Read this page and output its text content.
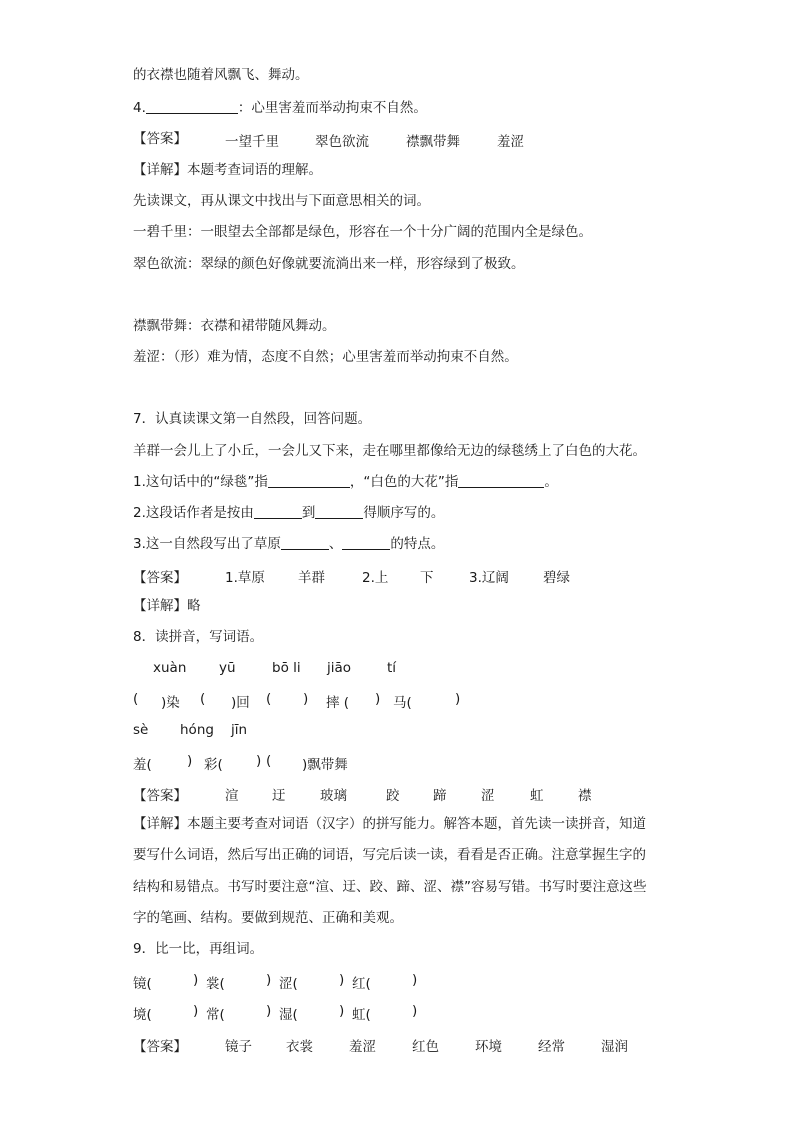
的衣襟也随着风飘飞、舞动。
4.	：心里害羞而举动拘束不自然。
【答案】	一望千里	翠色欲流	襟飘带舞	羞涩
【详解】本题考查词语的理解。
先读课文，再从课文中找出与下面意思相关的词。
一碧千里：一眼望去全部都是绿色，形容在一个十分广阔的范围内全是绿色。
翠色欲流：翠绿的颜色好像就要流淌出来一样，形容绿到了极致。
襟飘带舞：衣襟和裙带随风舞动。
羞涩：（形）难为情，态度不自然；心里害羞而举动拘束不自然。
7．认真读课文第一自然段，回答问题。
羊群一会儿上了小丘，一会儿又下来，走在哪里都像给无边的绿毯绣上了白色的大花。
1.这句话中的“绿毯”指	，“白色的大花”指	。
2.这段话作者是按由	到	得顺序写的。
3.这一自然段写出了草原	、	的特点。
【答案】	1.草原 羊群	2.上 下	3.辽阔	碧绿
【详解】略
8．读拼音，写词语。
xuàn yū	bō li jiāo	tí
( )染 ( )回 ( ) 摔 ( ) 马(	)
sè hóng jīn
羞(	) 彩( ) ( )飘带舞
【答案】	渲 迂	玻璃	跤 蹄	涩	虹	襟
【详解】本题主要考查对词语（汉字）的拼写能力。解答本题，首先读一读拼音，知道
要写什么词语，然后写出正确的词语，写完后读一读，看看是否正确。注意掌握生字的
结构和易错点。书写时要注意“渲、迂、跤、蹄、涩、襟”容易写错。书写时要注意这些
字的笔画、结构。要做到规范、正确和美观。
9．比一比，再组词。
镜(	) 裳(	) 涩(	) 红(	)
境(	) 常(	) 湿(	) 虹(	)
【答案】	镜子	衣裳	羞涩	红色	环境	经常	湿润
